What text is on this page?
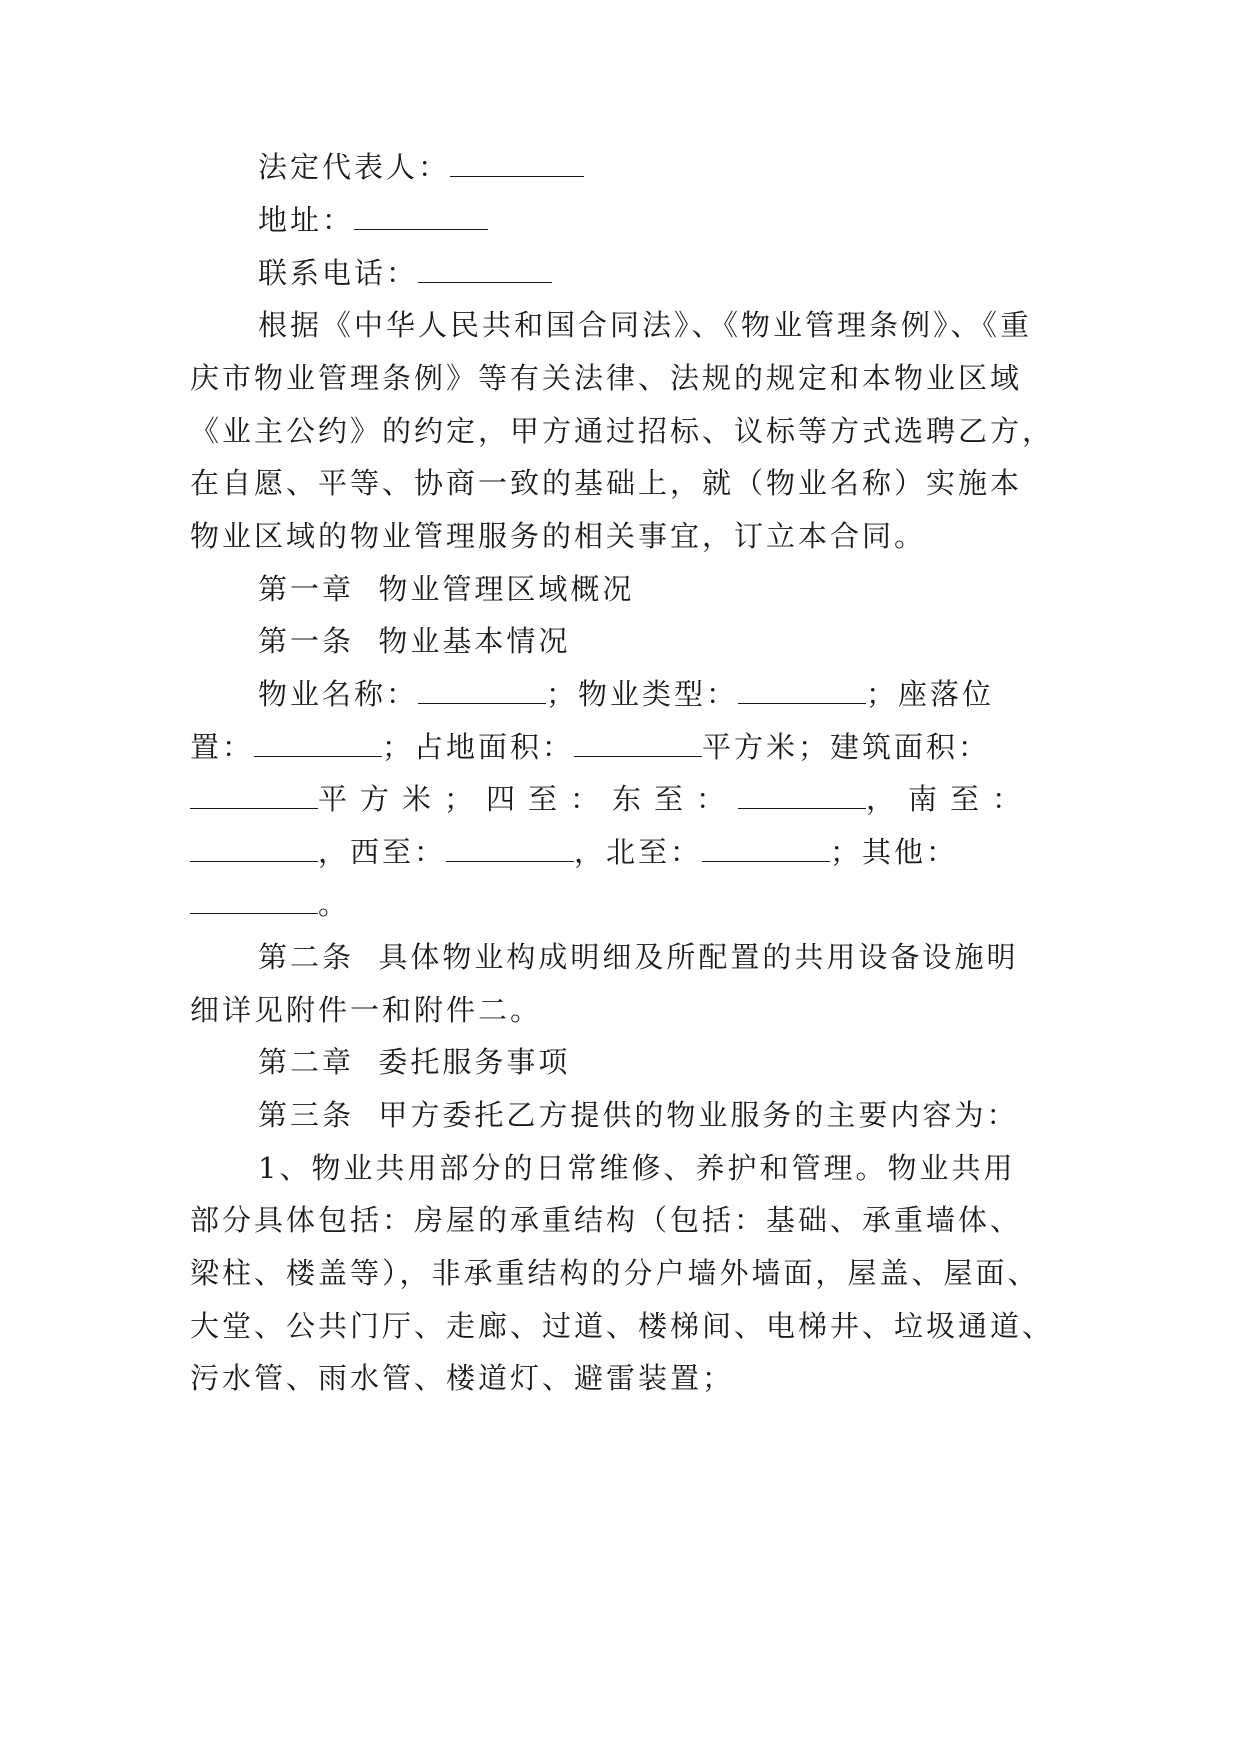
法定代表人：
地址：
联系电话：
根据《中华人民共和国合同法》、《物业管理条例》、《重
庆市物业管理条例》等有关法律、法规的规定和本物业区域
《业主公约》的约定，甲方通过招标、议标等方式选聘乙方，
在自愿、平等、协商一致的基础上，就（物业名称）实施本
物业区域的物业管理服务的相关事宜，订立本合同。
第一章  物业管理区域概况
第一条  物业基本情况
物业名称：	；物业类型：	；座落位
置：	；占地面积：	平方米；建筑面积：
平方米；四至：东至：	，南至：
，西至：	，北至：	；其他：
。
第二条  具体物业构成明细及所配置的共用设备设施明
细详见附件一和附件二。
第二章  委托服务事项
第三条  甲方委托乙方提供的物业服务的主要内容为：
1、物业共用部分的日常维修、养护和管理。物业共用
部分具体包括：房屋的承重结构（包括：基础、承重墙体、
梁柱、楼盖等），非承重结构的分户墙外墙面，屋盖、屋面、
大堂、公共门厅、走廊、过道、楼梯间、电梯井、垃圾通道、
污水管、雨水管、楼道灯、避雷装置；
